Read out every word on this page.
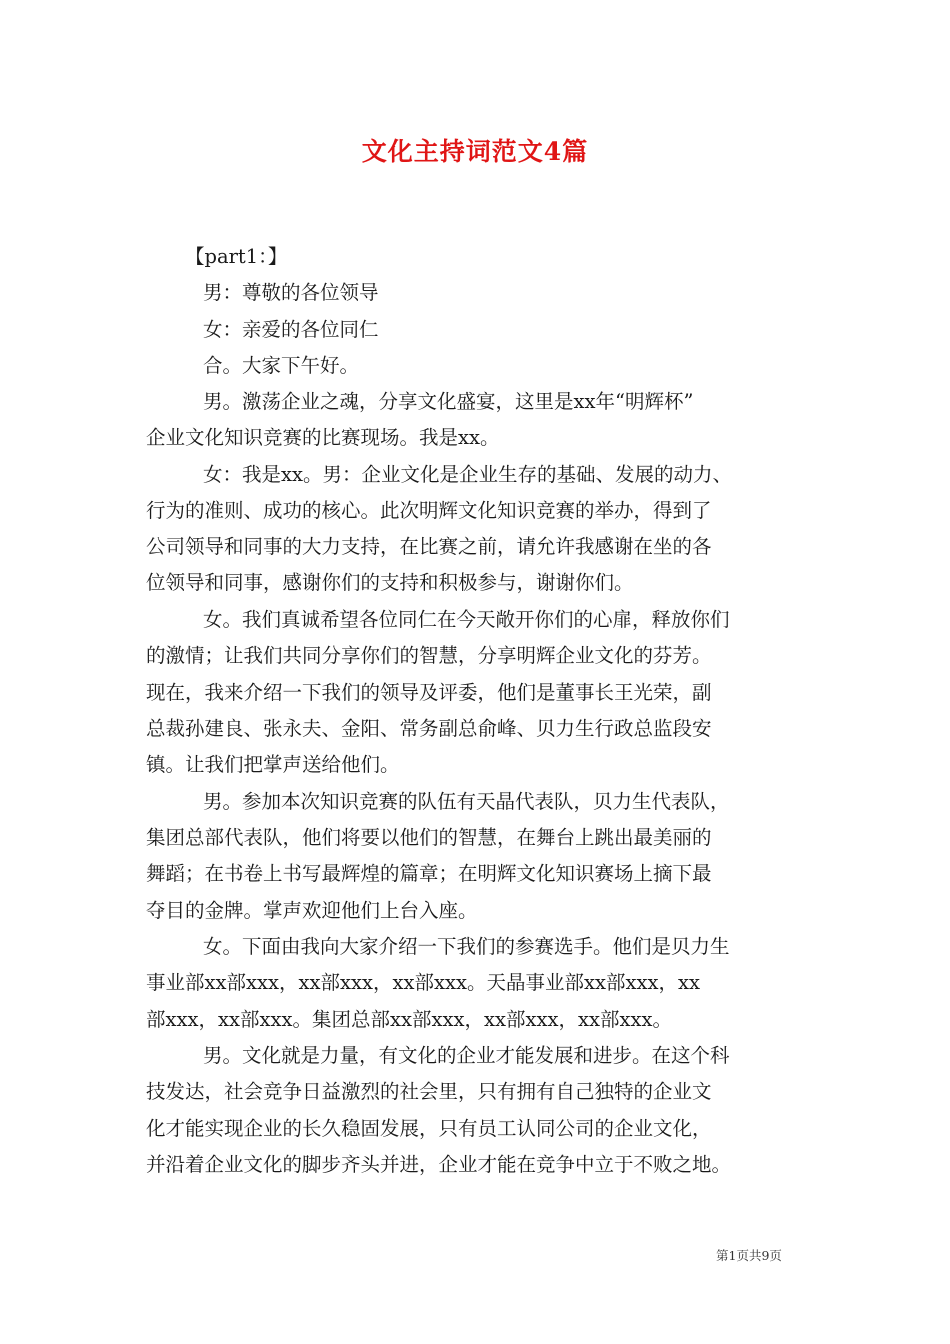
文化主持词范文4篇
【part1：】
男：尊敬的各位领导
女：亲爱的各位同仁
合。大家下午好。
男。激荡企业之魂，分享文化盛宴，这里是xx年“明辉杯”
企业文化知识竞赛的比赛现场。我是xx。
女：我是xx。男：企业文化是企业生存的基础、发展的动力、
行为的准则、成功的核心。此次明辉文化知识竞赛的举办，得到了
公司领导和同事的大力支持，在比赛之前，请允许我感谢在坐的各
位领导和同事，感谢你们的支持和积极参与，谢谢你们。
女。我们真诚希望各位同仁在今天敞开你们的心扉，释放你们
的激情；让我们共同分享你们的智慧，分享明辉企业文化的芬芳。
现在，我来介绍一下我们的领导及评委，他们是董事长王光荣，副
总裁孙建良、张永夫、金阳、常务副总俞峰、贝力生行政总监段安
镇。让我们把掌声送给他们。
男。参加本次知识竞赛的队伍有天晶代表队，贝力生代表队，
集团总部代表队，他们将要以他们的智慧，在舞台上跳出最美丽的
舞蹈；在书卷上书写最辉煌的篇章；在明辉文化知识赛场上摘下最
夺目的金牌。掌声欢迎他们上台入座。
女。下面由我向大家介绍一下我们的参赛选手。他们是贝力生
事业部xx部xxx，xx部xxx，xx部xxx。天晶事业部xx部xxx，xx
部xxx，xx部xxx。集团总部xx部xxx，xx部xxx，xx部xxx。
男。文化就是力量，有文化的企业才能发展和进步。在这个科
技发达，社会竞争日益激烈的社会里，只有拥有自己独特的企业文
化才能实现企业的长久稳固发展，只有员工认同公司的企业文化，
并沿着企业文化的脚步齐头并进，企业才能在竞争中立于不败之地。
第1页共9页
